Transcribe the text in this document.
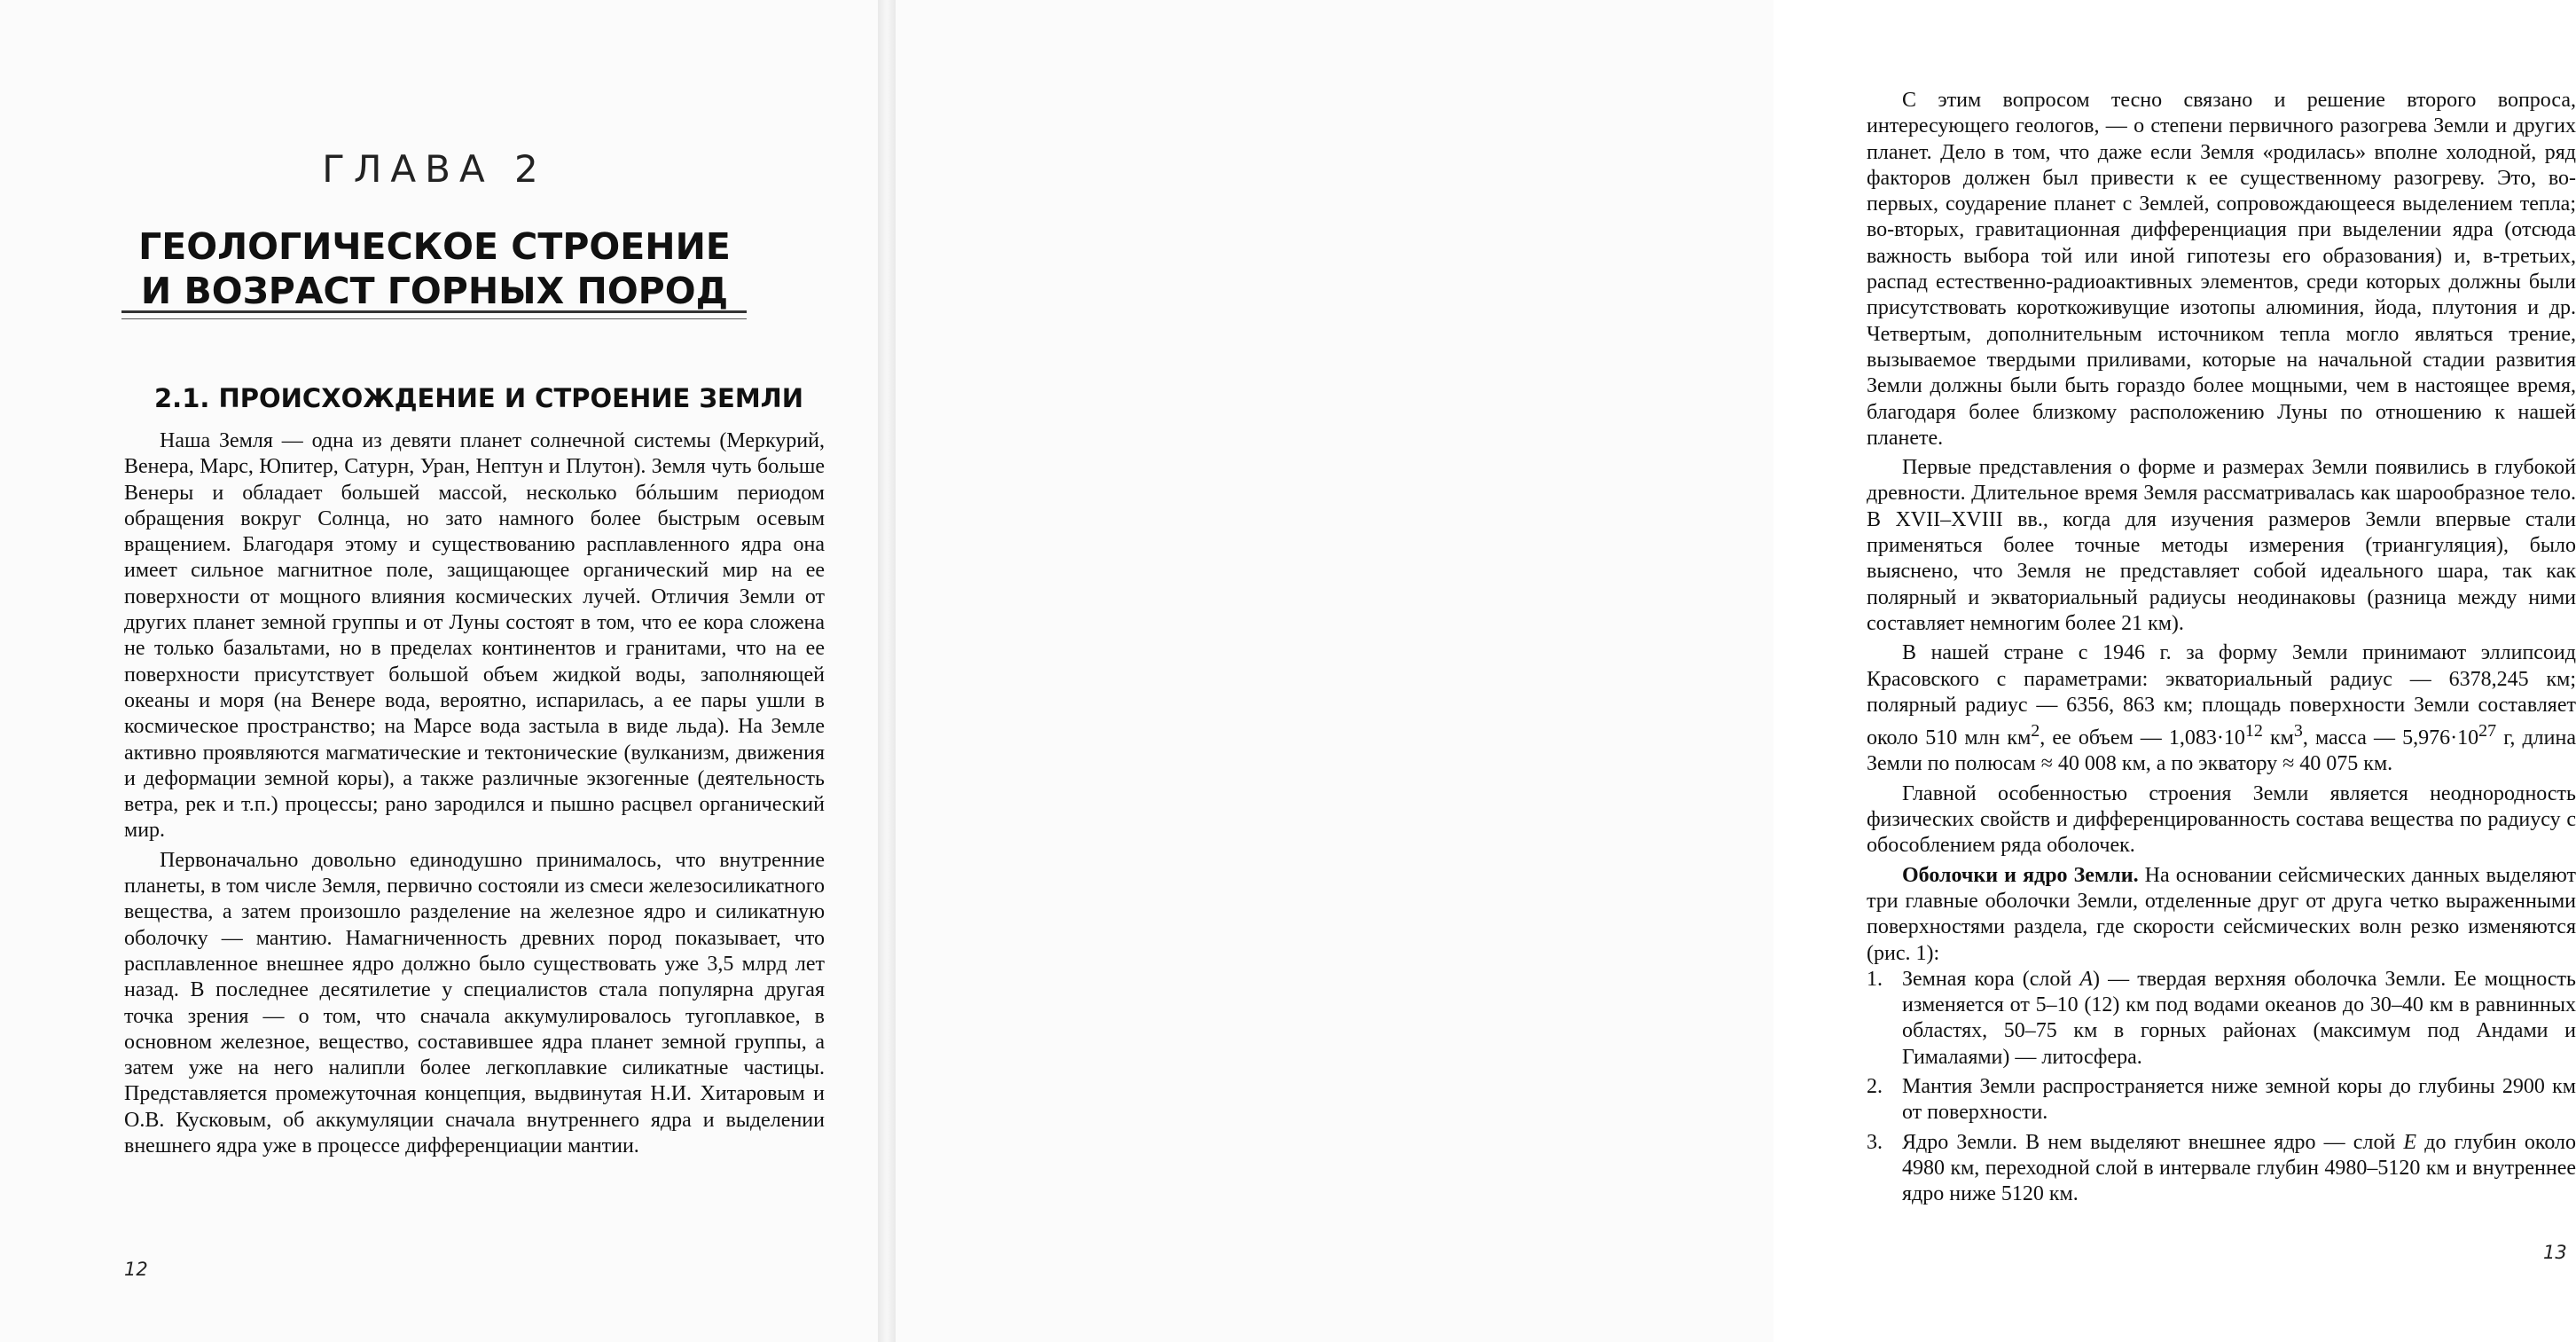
ГЛАВА 2
ГЕОЛОГИЧЕСКОЕ СТРОЕНИЕ
И ВОЗРАСТ ГОРНЫХ ПОРОД
2.1. ПРОИСХОЖДЕНИЕ И СТРОЕНИЕ ЗЕМЛИ

Наша Земля — одна из девяти планет солнечной системы (Меркурий, Венера, Марс, Юпитер, Сатурн, Уран, Нептун и Плутон). Земля чуть больше Венеры и обладает большей массой, несколько бóльшим периодом обращения вокруг Солнца, но зато намного более быстрым осевым вращением. Благодаря этому и существованию расплавленного ядра она имеет сильное магнитное поле, защищающее органический мир на ее поверхности от мощного влияния космических лучей. Отличия Земли от других планет земной группы и от Луны состоят в том, что ее кора сложена не только базальтами, но в пределах континентов и гранитами, что на ее поверхности присутствует большой объем жидкой воды, заполняющей океаны и моря (на Венере вода, вероятно, испарилась, а ее пары ушли в космическое пространство; на Марсе вода застыла в виде льда). На Земле активно проявляются магматические и тектонические (вулканизм, движения и деформации земной коры), а также различные экзогенные (деятельность ветра, рек и т.п.) процессы; рано зародился и пышно расцвел органический мир.

Первоначально довольно единодушно принималось, что внутренние планеты, в том числе Земля, первично состояли из смеси железосиликатного вещества, а затем произошло разделение на железное ядро и силикатную оболочку — мантию. Намагниченность древних пород показывает, что расплавленное внешнее ядро должно было существовать уже 3,5 млрд лет назад. В последнее десятилетие у специалистов стала популярна другая точка зрения — о том, что сначала аккумулировалось тугоплавкое, в основном железное, вещество, составившее ядра планет земной группы, а затем уже на него налипли более легкоплавкие силикатные частицы. Представляется промежуточная концепция, выдвинутая Н.И. Хитаровым и О.В. Кусковым, об аккумуляции сначала внутреннего ядра и выделении внешнего ядра уже в процессе дифференциации мантии.

12

С этим вопросом тесно связано и решение второго вопроса, интересующего геологов, — о степени первичного разогрева Земли и других планет. Дело в том, что даже если Земля «родилась» вполне холодной, ряд факторов должен был привести к ее существенному разогреву. Это, во-первых, соударение планет с Землей, сопровождающееся выделением тепла; во-вторых, гравитационная дифференциация при выделении ядра (отсюда важность выбора той или иной гипотезы его образования) и, в-третьих, распад естественно-радиоактивных элементов, среди которых должны были присутствовать короткоживущие изотопы алюминия, йода, плутония и др. Четвертым, дополнительным источником тепла могло являться трение, вызываемое твердыми приливами, которые на начальной стадии развития Земли должны были быть гораздо более мощными, чем в настоящее время, благодаря более близкому расположению Луны по отношению к нашей планете.

Первые представления о форме и размерах Земли появились в глубокой древности. Длительное время Земля рассматривалась как шарообразное тело. В XVII–XVIII вв., когда для изучения размеров Земли впервые стали применяться более точные методы измерения (триангуляция), было выяснено, что Земля не представляет собой идеального шара, так как полярный и экваториальный радиусы неодинаковы (разница между ними составляет немногим более 21 км).

В нашей стране с 1946 г. за форму Земли принимают эллипсоид Красовского с параметрами: экваториальный радиус — 6378,245 км; полярный радиус — 6356, 863 км; площадь поверхности Земли составляет около 510 млн $км^2$, ее объем — $1,083\cdot 10^{12}$ $км^3$, масса — $5,976\cdot 10^{27}$ г, длина Земли по полюсам ≈ 40 008 км, а по экватору ≈ 40 075 км.

Главной особенностью строения Земли является неоднородность физических свойств и дифференцированность состава вещества по радиусу с обособлением ряда оболочек.

Оболочки и ядро Земли. На основании сейсмических данных выделяют три главные оболочки Земли, отделенные друг от друга четко выраженными поверхностями раздела, где скорости сейсмических волн резко изменяются (рис. 1):

1. Земная кора (слой А) — твердая верхняя оболочка Земли. Ее мощность изменяется от 5–10 (12) км под водами океанов до 30–40 км в равнинных областях, 50–75 км в горных районах (максимум под Андами и Гималаями) — литосфера.
2. Мантия Земли распространяется ниже земной коры до глубины 2900 км от поверхности.
3. Ядро Земли. В нем выделяют внешнее ядро — слой Е до глубин около 4980 км, переходной слой в интервале глубин 4980–5120 км и внутреннее ядро ниже 5120 км.
13
